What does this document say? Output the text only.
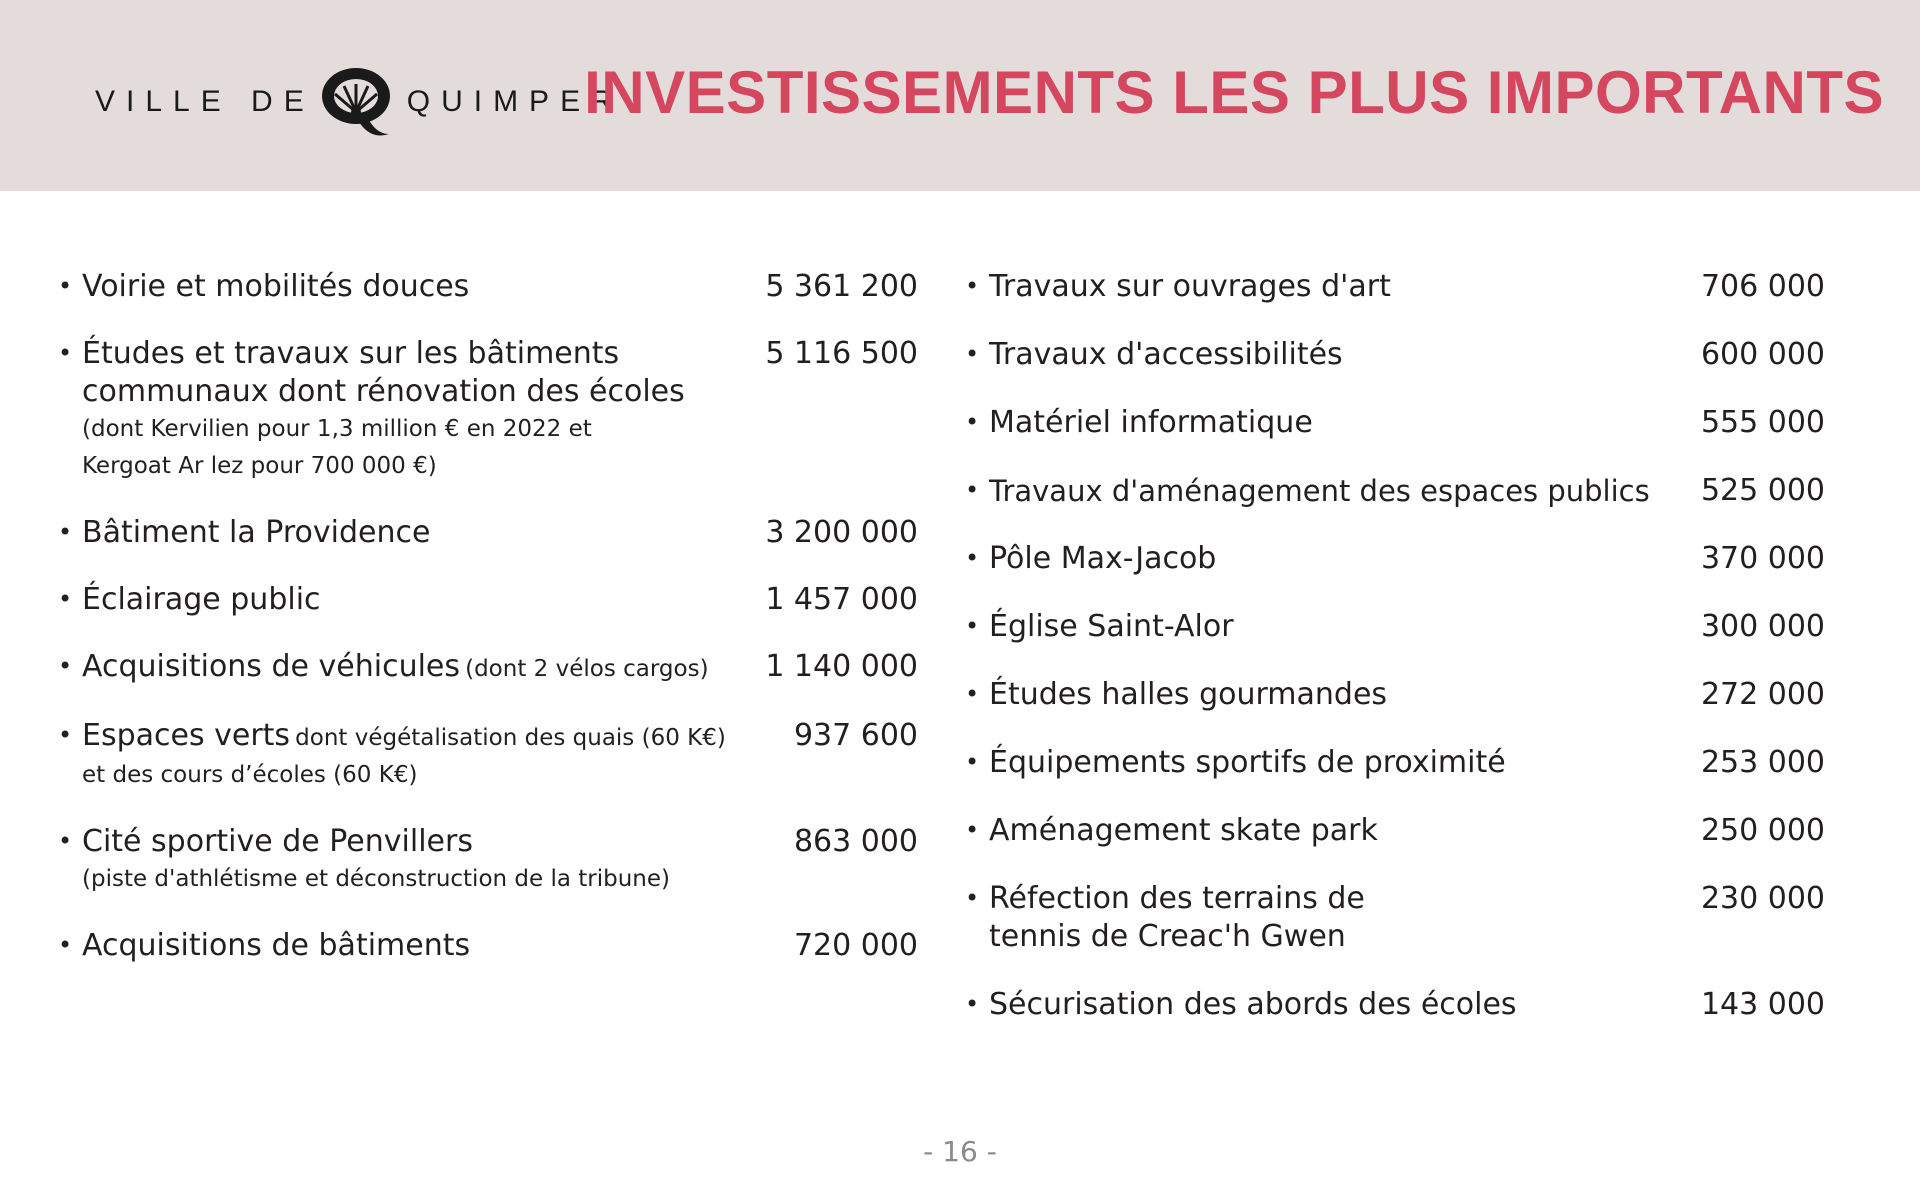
VILLE DE	QUIMPER
INVESTISSEMENTS LES PLUS IMPORTANTS
• Voirie et mobilités douces	5 361 200
• Études et travaux sur les bâtiments communaux dont rénovation des écoles
(dont Kervilien pour 1,3 million € en 2022 et Kergoat Ar lez pour 700 000 €)
5 116 500
• Bâtiment la Providence	3 200 000
• Éclairage public	1 457 000
• Acquisitions de véhicules (dont 2 vélos cargos)	1 140 000
• Espaces verts dont végétalisation des quais (60 K€) et des cours d’écoles (60 K€)
937 600
• Cité sportive de Penvillers
(piste d'athlétisme et déconstruction de la tribune)
863 000
• Acquisitions de bâtiments	720 000
• Travaux sur ouvrages d'art	706 000
• Travaux d'accessibilités	600 000
• Matériel informatique	555 000
• Travaux d'aménagement des espaces publics	525 000
• Pôle Max-Jacob	370 000
• Église Saint-Alor	300 000
• Études halles gourmandes	272 000
• Équipements sportifs de proximité	253 000
• Aménagement skate park	250 000
• Réfection des terrains de tennis de Creac'h Gwen
230 000
• Sécurisation des abords des écoles	143 000
- 16 -
